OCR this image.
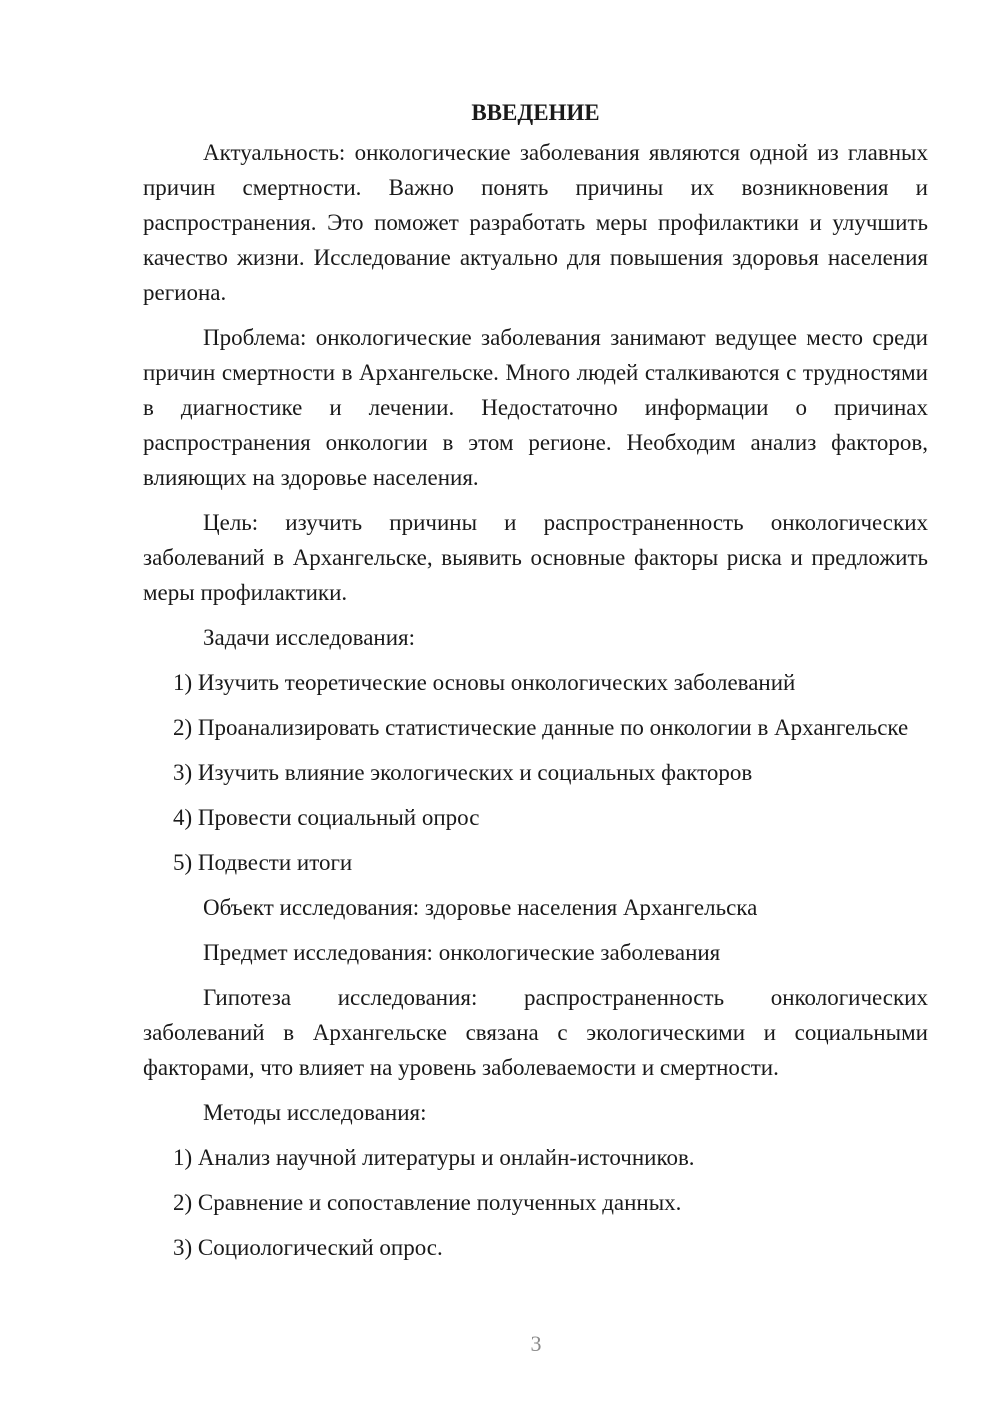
ВВЕДЕНИЕ

Актуальность: онкологические заболевания являются одной из главных причин смертности. Важно понять причины их возникновения и распространения. Это поможет разработать меры профилактики и улучшить качество жизни. Исследование актуально для повышения здоровья населения региона.

Проблема: онкологические заболевания занимают ведущее место среди причин смертности в Архангельске. Много людей сталкиваются с трудностями в диагностике и лечении. Недостаточно информации о причинах распространения онкологии в этом регионе. Необходим анализ факторов, влияющих на здоровье населения.

Цель: изучить причины и распространенность онкологических заболеваний в Архангельске, выявить основные факторы риска и предложить меры профилактики.

Задачи исследования:

1) Изучить теоретические основы онкологических заболеваний

2) Проанализировать статистические данные по онкологии в Архангельске

3) Изучить влияние экологических и социальных факторов

4) Провести социальный опрос

5) Подвести итоги

Объект исследования: здоровье населения Архангельска

Предмет исследования: онкологические заболевания

Гипотеза исследования: распространенность онкологических заболеваний в Архангельске связана с экологическими и социальными факторами, что влияет на уровень заболеваемости и смертности.

Методы исследования:

1) Анализ научной литературы и онлайн-источников.

2) Сравнение и сопоставление полученных данных.

3) Социологический опрос.

3
